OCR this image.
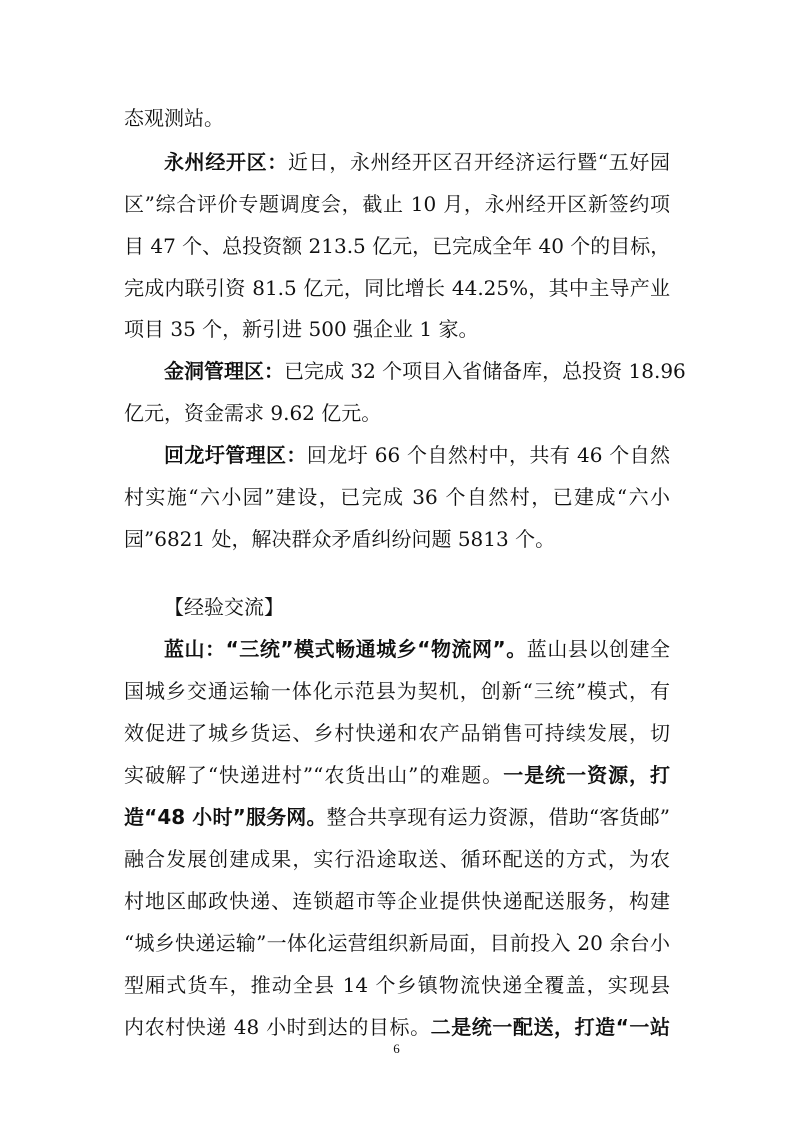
态观测站。
永州经开区：近日，永州经开区召开经济运行暨“五好园
区”综合评价专题调度会，截止 10 月，永州经开区新签约项
目 47 个、总投资额 213.5 亿元，已完成全年 40 个的目标，
完成内联引资 81.5 亿元，同比增长 44.25%，其中主导产业
项目 35 个，新引进 500 强企业 1 家。
金洞管理区：已完成 32 个项目入省储备库，总投资 18.96
亿元，资金需求 9.62 亿元。
回龙圩管理区：回龙圩 66 个自然村中，共有 46 个自然
村实施“六小园”建设，已完成 36 个自然村，已建成“六小
园”6821 处，解决群众矛盾纠纷问题 5813 个。
【经验交流】
蓝山：“三统”模式畅通城乡“物流网”。蓝山县以创建全
国城乡交通运输一体化示范县为契机，创新“三统”模式，有
效促进了城乡货运、乡村快递和农产品销售可持续发展，切
实破解了“快递进村”“农货出山”的难题。一是统一资源，打
造“48 小时”服务网。整合共享现有运力资源，借助“客货邮”
融合发展创建成果，实行沿途取送、循环配送的方式，为农
村地区邮政快递、连锁超市等企业提供快递配送服务，构建
“城乡快递运输”一体化运营组织新局面，目前投入 20 余台小
型厢式货车，推动全县 14 个乡镇物流快递全覆盖，实现县
内农村快递 48 小时到达的目标。二是统一配送，打造“一站
6
